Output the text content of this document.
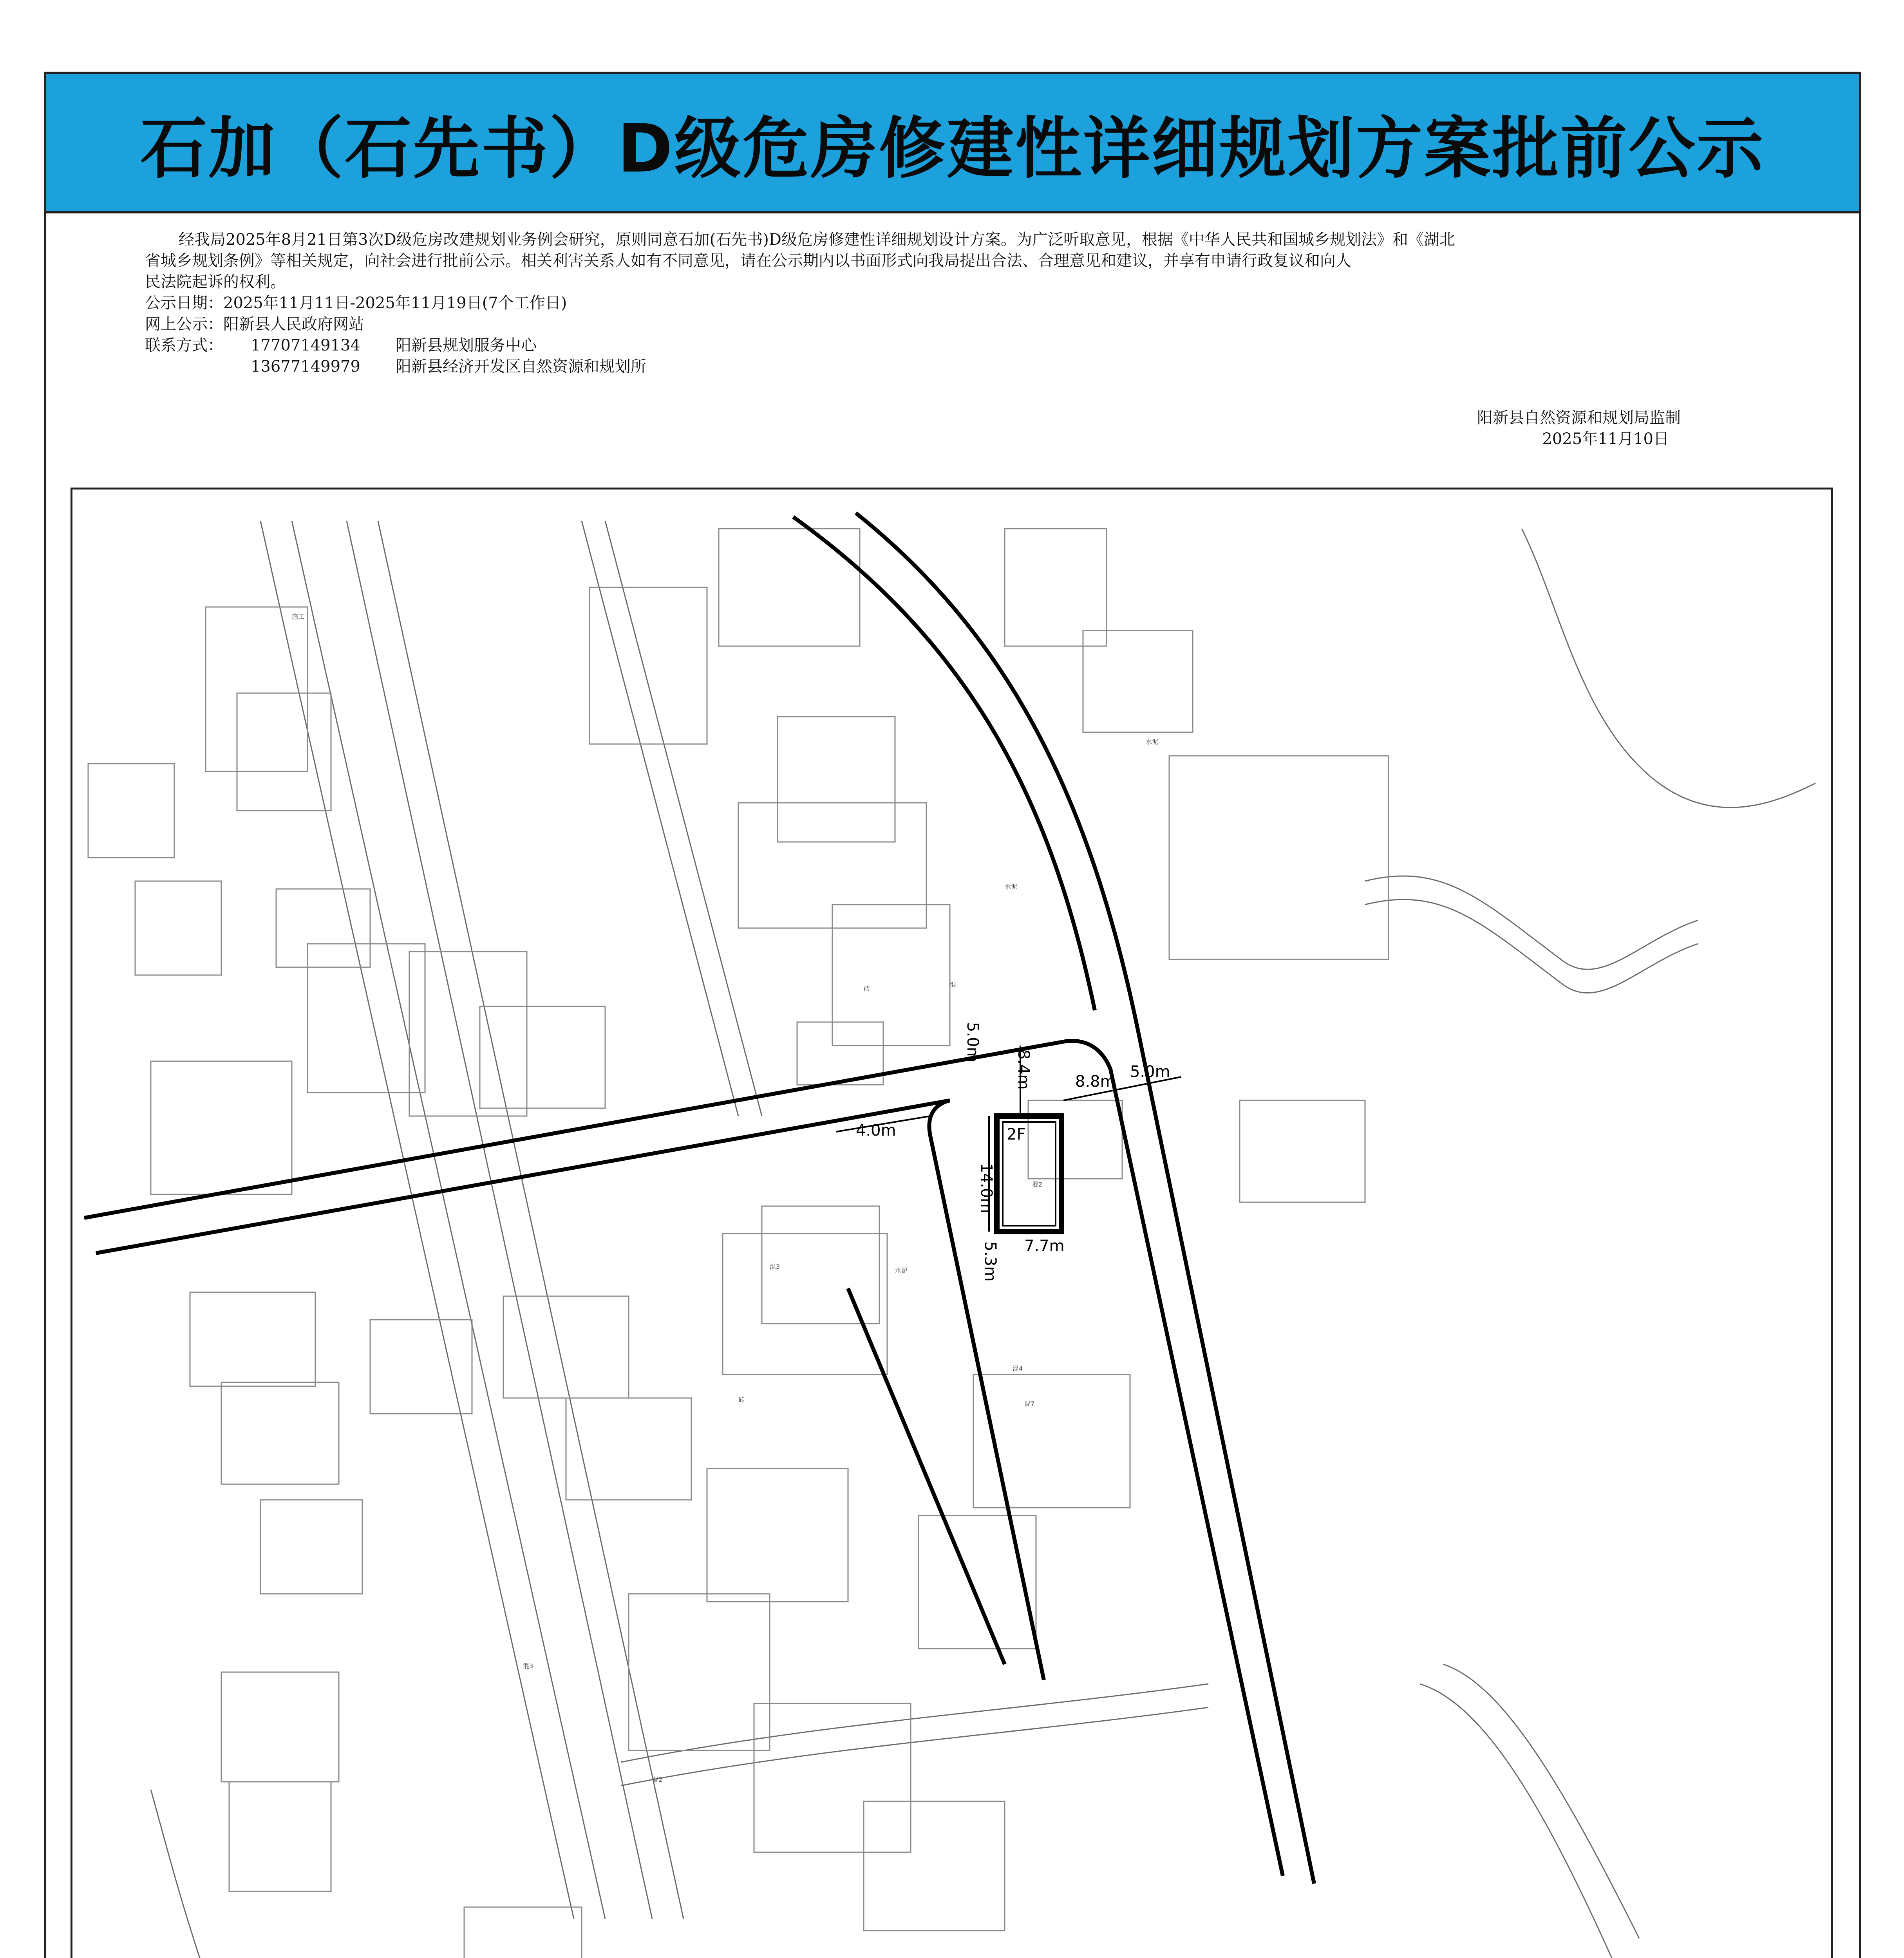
石加（石先书）D级危房修建性详细规划方案批前公示

经我局2025年8月21日第3次D级危房改建规划业务例会研究，原则同意石加(石先书)D级危房修建性详细规划设计方案。为广泛听取意见，根据《中华人民共和国城乡规划法》和《湖北

省城乡规划条例》等相关规定，向社会进行批前公示。相关利害关系人如有不同意见，请在公示期内以书面形式向我局提出合法、合理意见和建议，并享有申请行政复议和向人

民法院起诉的权利。

公示日期：2025年11月11日-2025年11月19日(7个工作日)

网上公示：阳新县人民政府网站

联系方式： 17707149134 阳新县规划服务中心

13677149979 阳新县经济开发区自然资源和规划所

阳新县自然资源和规划局监制
2025年11月10日
2F
7.7m
14.0m
5.3m
8.4m
5.0m
8.8m
5.0m
4.0m
砖
混
水泥
砖
施工
混2
混3
混4
混7
水泥
水泥
混2
混3
